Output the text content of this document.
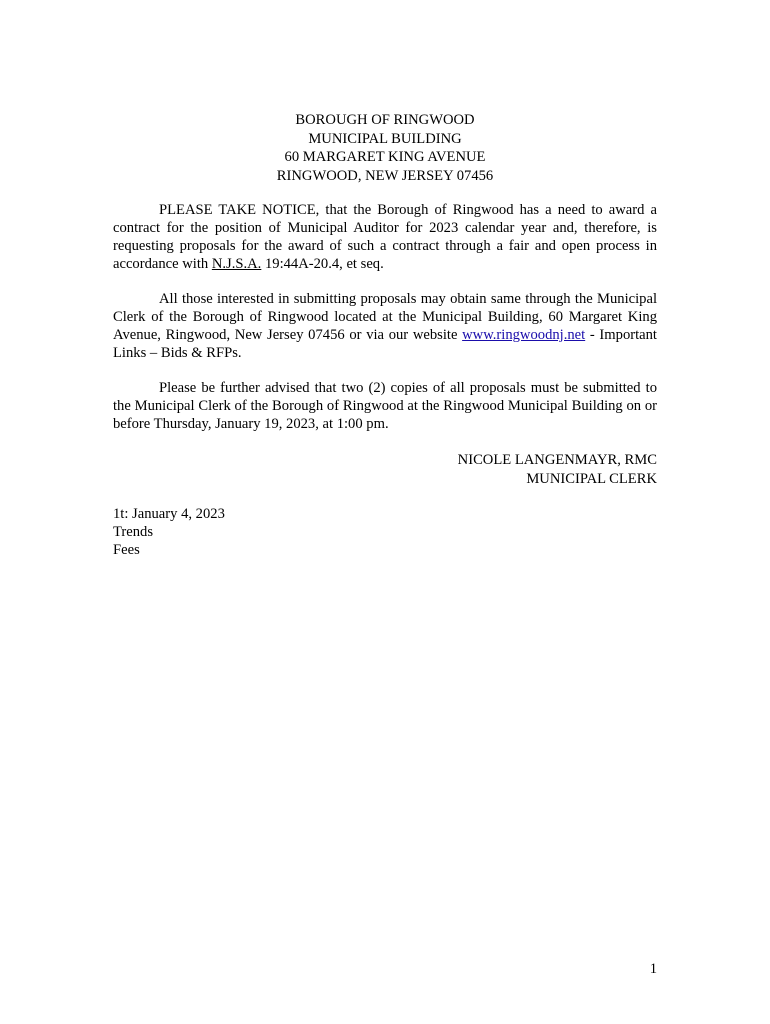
BOROUGH OF RINGWOOD
MUNICIPAL BUILDING
60 MARGARET KING AVENUE
RINGWOOD, NEW JERSEY 07456

PLEASE TAKE NOTICE, that the Borough of Ringwood has a need to award a contract for the position of Municipal Auditor for 2023 calendar year and, therefore, is requesting proposals for the award of such a contract through a fair and open process in accordance with N.J.S.A. 19:44A-20.4, et seq.

All those interested in submitting proposals may obtain same through the Municipal Clerk of the Borough of Ringwood located at the Municipal Building, 60 Margaret King Avenue, Ringwood, New Jersey 07456 or via our website www.ringwoodnj.net - Important Links – Bids & RFPs.

Please be further advised that two (2) copies of all proposals must be submitted to the Municipal Clerk of the Borough of Ringwood at the Ringwood Municipal Building on or before Thursday, January 19, 2023, at 1:00 pm.

NICOLE LANGENMAYR, RMC
MUNICIPAL CLERK
1t: January 4, 2023
Trends
Fees
1
